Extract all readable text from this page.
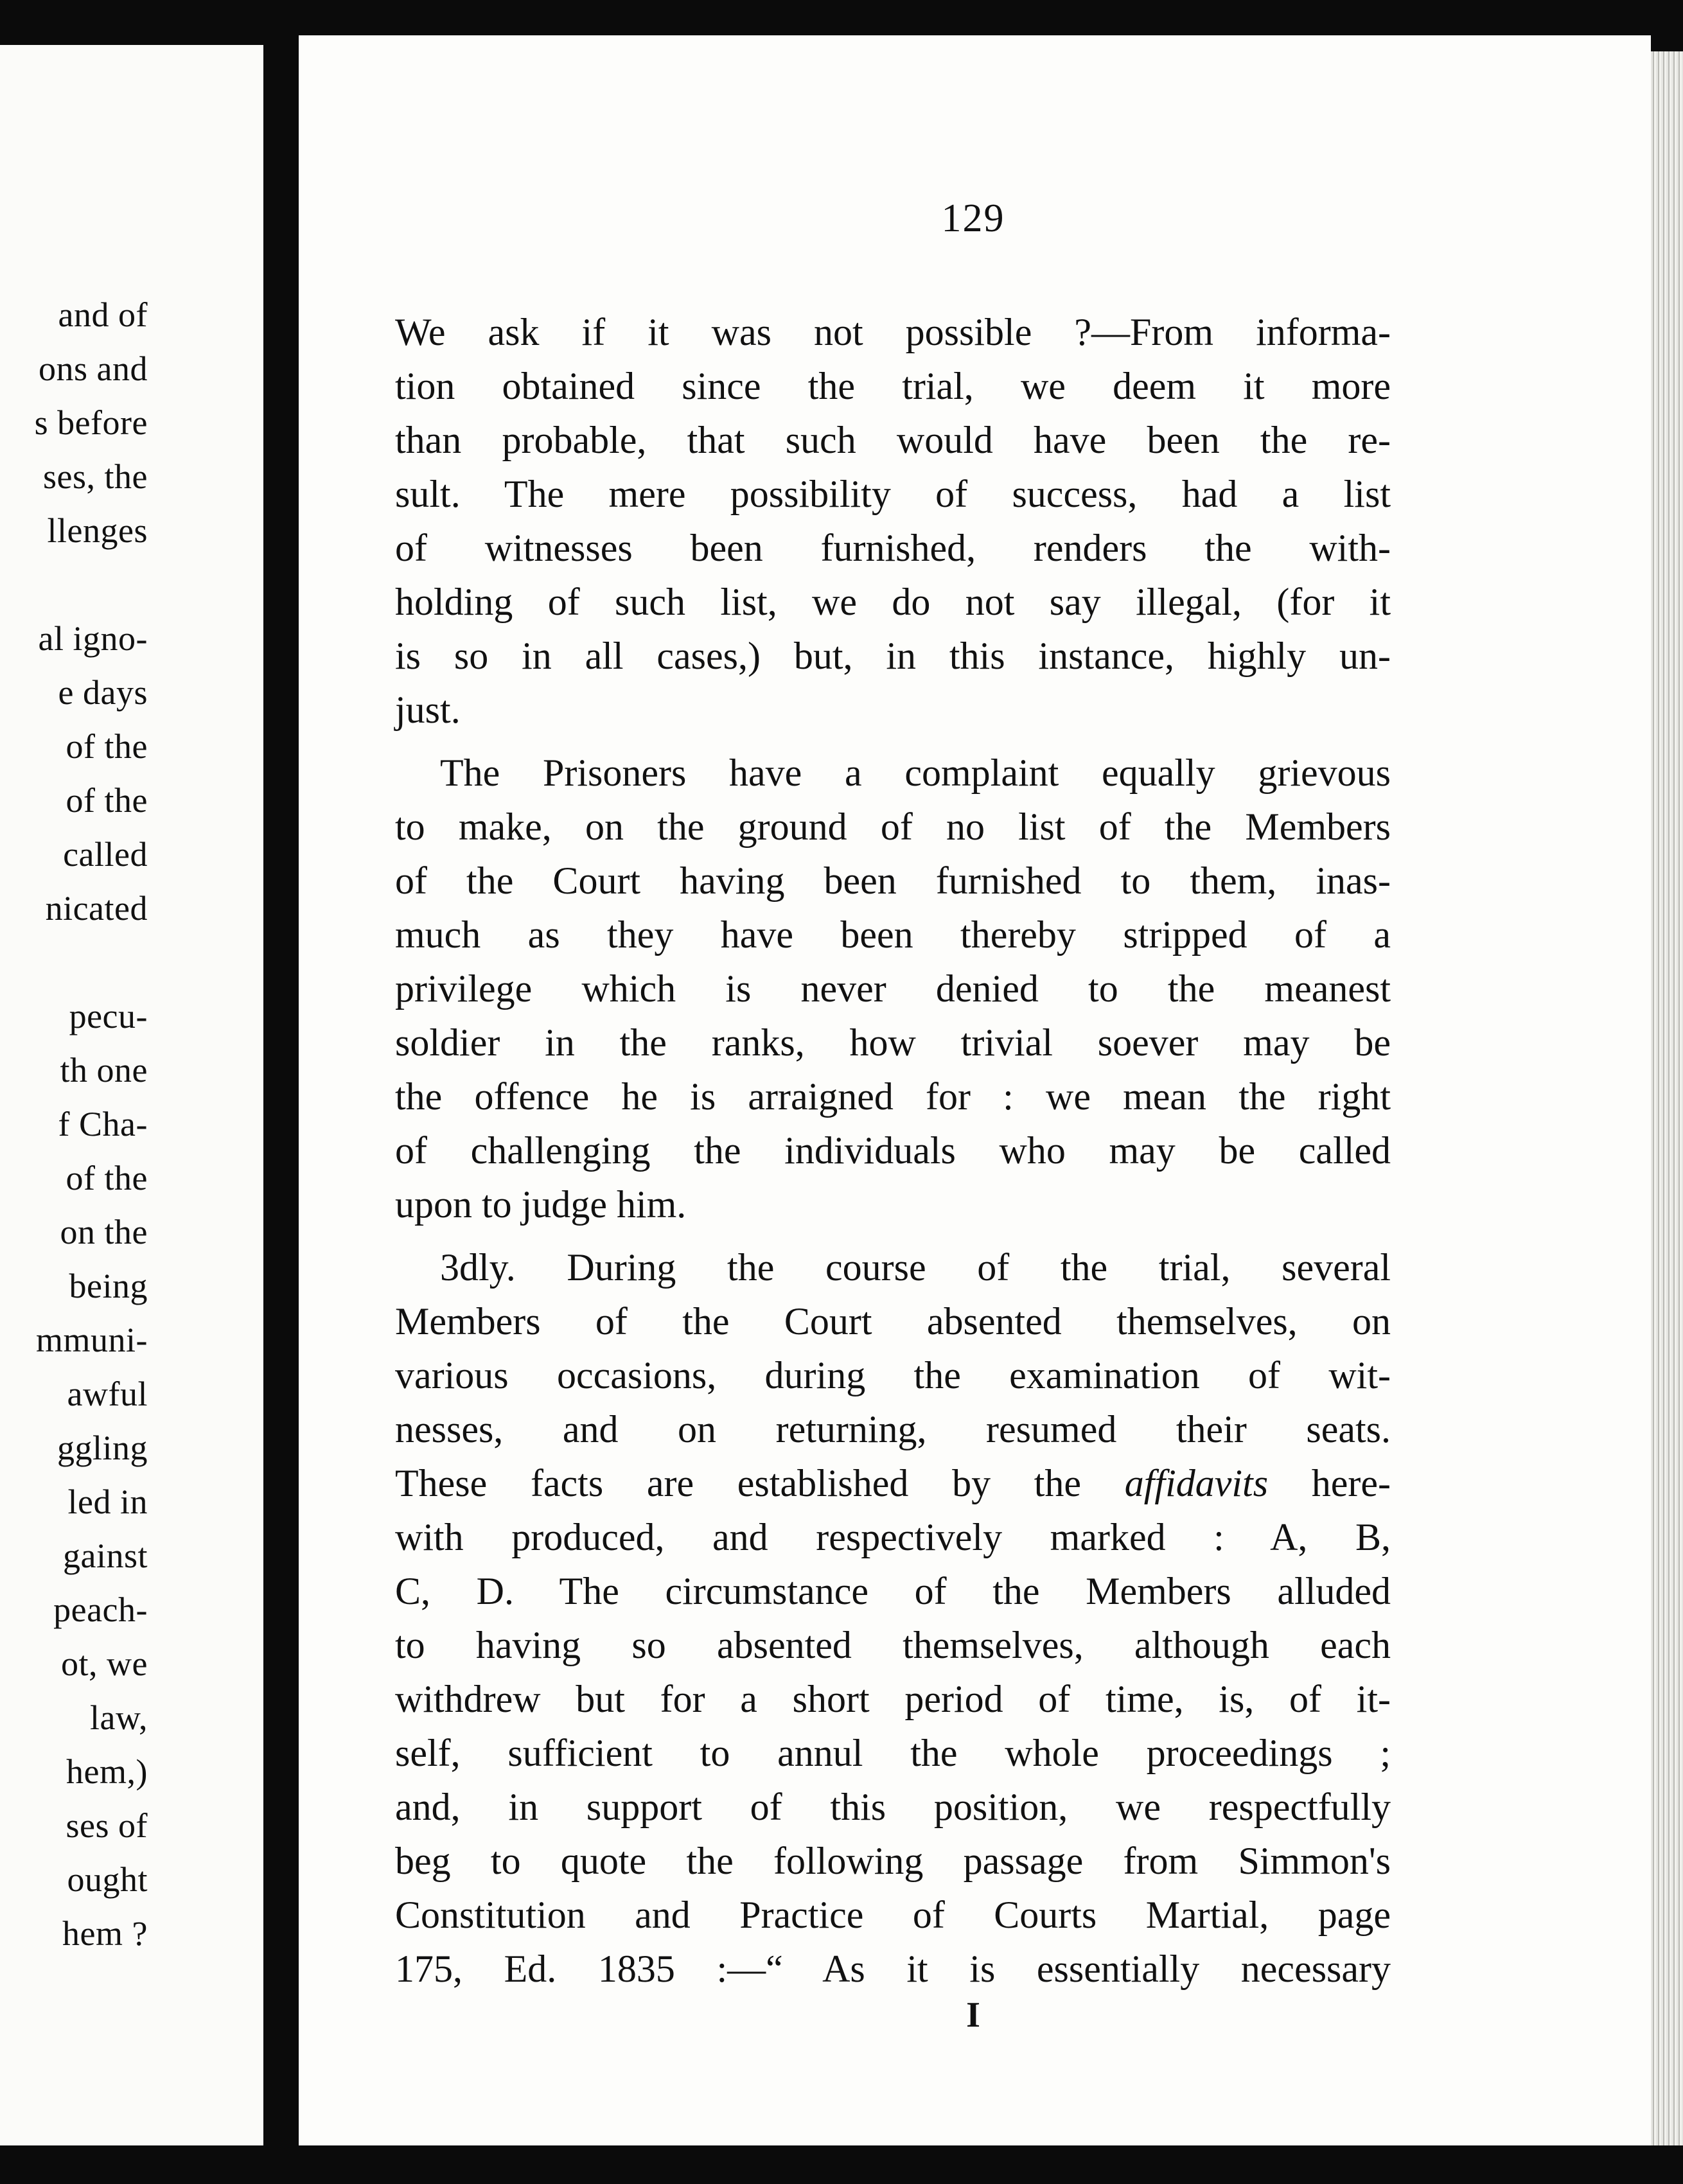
and of
ons and
s before
ses, the
llenges
al igno-
e days
of the
of the
called
nicated
pecu-
th one
f Cha-
of the
on the
being
mmuni-
awful
ggling
led in
gainst
peach-
ot, we
law,
hem,)
ses of
ought
hem ?
129
We ask if it was not possible ?—From informa-
tion obtained since the trial, we deem it more
than probable, that such would have been the re-
sult. The mere possibility of success, had a list
of witnesses been furnished, renders the with-
holding of such list, we do not say illegal, (for it
is so in all cases,) but, in this instance, highly un-
just.
The Prisoners have a complaint equally grievous
to make, on the ground of no list of the Members
of the Court having been furnished to them, inas-
much as they have been thereby stripped of a
privilege which is never denied to the meanest
soldier in the ranks, how trivial soever may be
the offence he is arraigned for : we mean the right
of challenging the individuals who may be called
upon to judge him.
3dly. During the course of the trial, several
Members of the Court absented themselves, on
various occasions, during the examination of wit-
nesses, and on returning, resumed their seats.
These facts are established by the affidavits here-
with produced, and respectively marked : A, B,
C, D. The circumstance of the Members alluded
to having so absented themselves, although each
withdrew but for a short period of time, is, of it-
self, sufficient to annul the whole proceedings ;
and, in support of this position, we respectfully
beg to quote the following passage from Simmon's
Constitution and Practice of Courts Martial, page
175, Ed. 1835 :—“ As it is essentially necessary
I
